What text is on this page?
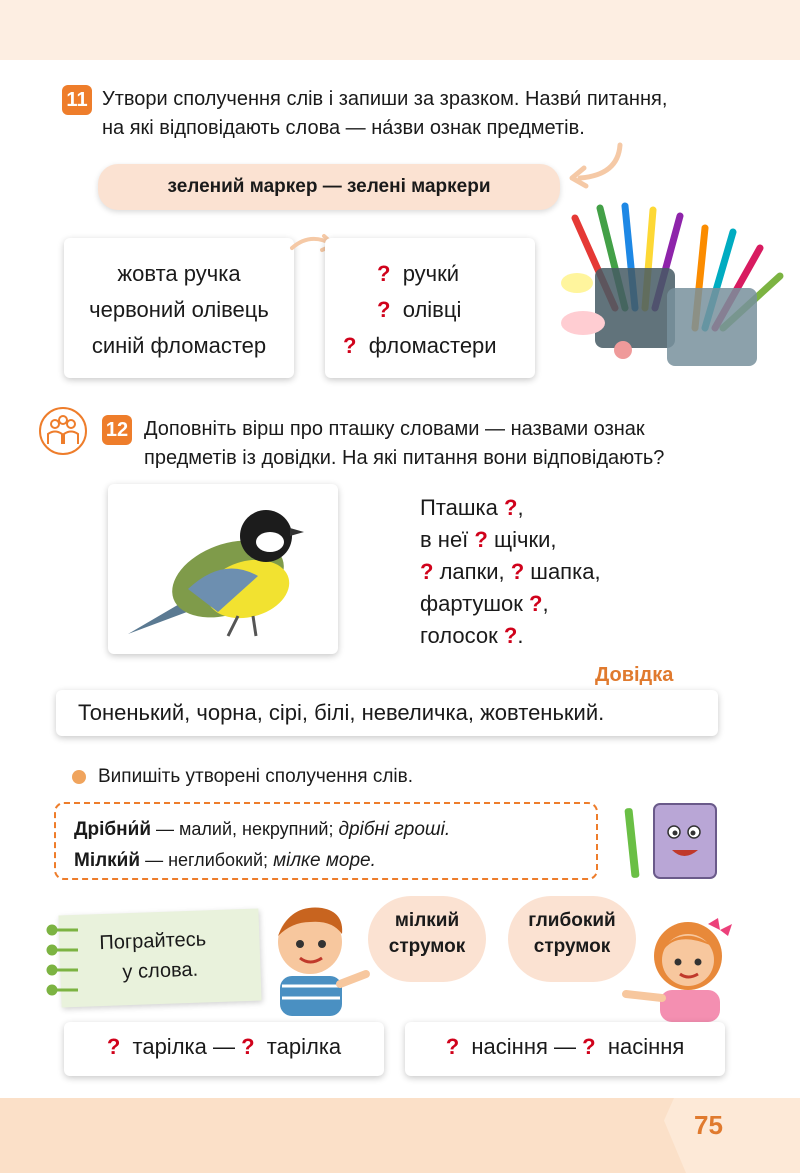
75
11 Утвори сполучення слів і запиши за зразком. Назви́ питання,
на які відповідають слова — на́зви ознак предметів.
зелений маркер — зелені маркери
жовта ручка
червоний олівець
синій фломастер
? ручки́
? олівці
? фломастери
12 Доповніть вірш про пташку словами — назвами ознак
предметів із довідки. На які питання вони відповідають?
Пташка ?,
в неї ? щічки,
? лапки, ? шапка,
фартушок ?,
голосок ?.
Довідка
Тоненький, чорна, сірі, білі, невеличка, жовтенький.
Випишіть утворені сполучення слів.
Дрібни́й — малий, некрупний; дрібні гроші.
Мілки́й — неглибокий; мілке море.
Пограйтесь
у слова.
мілкий
струмок
глибокий
струмок
? тарілка — ? тарілка	? насіння — ? насіння
